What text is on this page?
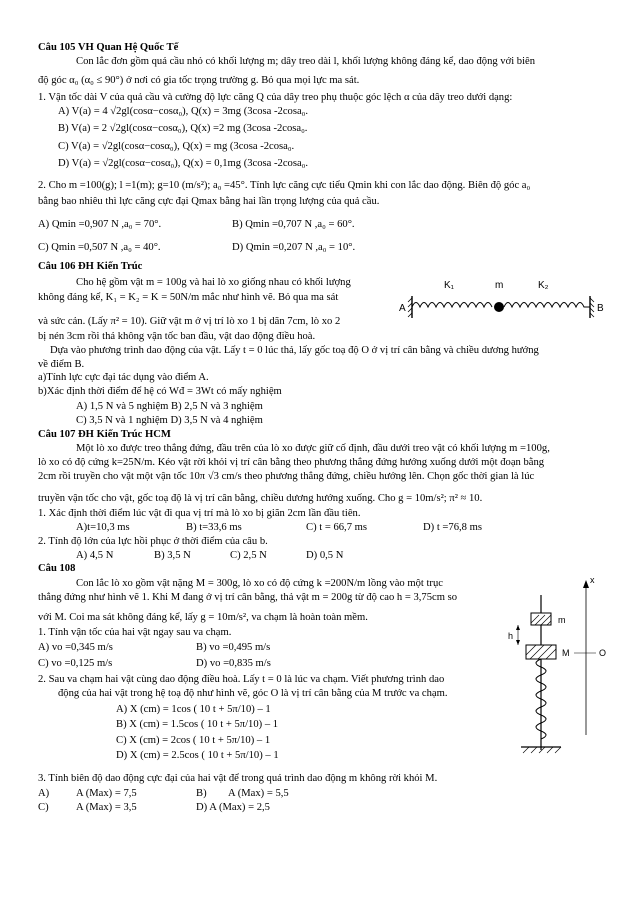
Câu 105 VH Quan Hệ Quốc Tế
Con lắc đơn gồm quả cầu nhỏ có khối lượng m; dây treo dài l, khối lượng không đáng kể, dao động với biên
độ góc α₀ (α₀ ≤ 90°) ở nơi có gia tốc trọng trường g. Bỏ qua mọi lực ma sát.
1. Vận tốc dài V của quả cầu và cường độ lực căng Q của dây treo phụ thuộc góc lệch α của dây treo dưới dạng:
A) V(a) = 4 √2gl(cosα−cosα₀), Q(x) = 3mg (3cosa -2cosa₀.
B) V(a) = 2 √2gl(cosα−cosα₀), Q(x) =2 mg (3cosa -2cosa₀.
C) V(a) = √2gl(cosα−cosα₀), Q(x) = mg (3cosa -2cosa₀.
D) V(a) = √2gl(cosα−cosα₀), Q(x) = 0,1mg (3cosa -2cosa₀.
2. Cho m =100(g); l =1(m); g=10 (m/s²); a₀ =45°. Tính lực căng cực tiểu Qmin khi con lắc dao động. Biên độ góc a₀
bằng bao nhiêu thì lực căng cực đại Qmax bằng hai lần trọng lượng của quả cầu.
A) Qmin =0,907 N ,a₀ = 70°.	B) Qmin =0,707 N ,a₀ = 60°.
C) Qmin =0,507 N ,a₀ = 40°.	D) Qmin =0,207 N ,a₀ = 10°.
Câu 106 ĐH Kiến Trúc
Cho hệ gồm vật m = 100g và hai lò xo giống nhau có khối lượng
không đáng kể, K₁ = K₂ = K = 50N/m mắc như hình vẽ. Bỏ qua ma sát
và sức cản. (Lấy π² = 10). Giữ vật m ở vị trí lò xo 1 bị dãn 7cm, lò xo 2
bị nén 3cm rồi thả không vận tốc ban đầu, vật dao động điều hoà.
Dựa vào phương trình dao động của vật. Lấy t = 0 lúc thả, lấy gốc toạ độ O ở vị trí cân bằng và chiều dương hướng
về điểm B.
a)Tính lực cực đại tác dụng vào điểm A.
b)Xác định thời điểm để hệ có Wđ = 3Wt có mấy nghiệm
A) 1,5 N và 5 nghiệm B) 2,5 N và 3 nghiệm
C) 3,5 N và 1 nghiệm D) 3,5 N và 4 nghiệm
K₁	m	K₂
A	B
Câu 107 ĐH Kiến Trúc HCM
Một lò xo được treo thẳng đứng, đầu trên của lò xo được giữ cố định, đầu dưới treo vật có khối lượng m =100g,
lò xo có độ cứng k=25N/m. Kéo vật rời khỏi vị trí cân bằng theo phương thẳng đứng hướng xuống dưới một đoạn bằng
2cm rồi truyền cho vật một vận tốc 10π √3 cm/s theo phương thẳng đứng, chiều hướng lên. Chọn gốc thời gian là lúc
truyền vận tốc cho vật, gốc toạ độ là vị trí cân bằng, chiều dương hướng xuống. Cho g = 10m/s²; π² ≈ 10.
1. Xác định thời điểm lúc vật đi qua vị trí mà lò xo bị giãn 2cm lần đầu tiên.
A)t=10,3 ms	B) t=33,6 ms	C) t = 66,7 ms	D) t =76,8 ms
2. Tính độ lớn của lực hồi phục ở thời điểm của câu b.
A) 4,5 N	B) 3,5 N	C) 2,5 N	D) 0,5 N
Câu 108
Con lắc lò xo gồm vật nặng M = 300g, lò xo có độ cứng k =200N/m lồng vào một trục
thẳng đứng như hình vẽ 1. Khi M đang ở vị trí cân bằng, thả vật m = 200g từ độ cao h = 3,75cm so
với M. Coi ma sát không đáng kể, lấy g = 10m/s², va chạm là hoàn toàn mềm.
1. Tính vận tốc của hai vật ngay sau va chạm.
A) vo =0,345 m/s	B) vo =0,495 m/s
C) vo =0,125 m/s	D) vo =0,835 m/s
2. Sau va chạm hai vật cùng dao động điều hoà. Lấy t = 0 là lúc va chạm. Viết phương trình dao
động của hai vật trong hệ toạ độ như hình vẽ, góc O là vị trí cân bằng của M trước va chạm.
A) X (cm) = 1cos ( 10 t + 5π/10) – 1
B) X (cm) = 1.5cos ( 10 t + 5π/10) – 1
C) X (cm) = 2cos ( 10 t + 5π/10) – 1
D) X (cm) = 2.5cos ( 10 t + 5π/10) – 1
3. Tính biên độ dao động cực đại của hai vật để trong quá trình dao động m không rời khỏi M.
A)	A (Max) = 7,5	B) A (Max) = 5,5
C)	A (Max) = 3,5	D) A (Max) = 2,5
x
m
h
M	O
